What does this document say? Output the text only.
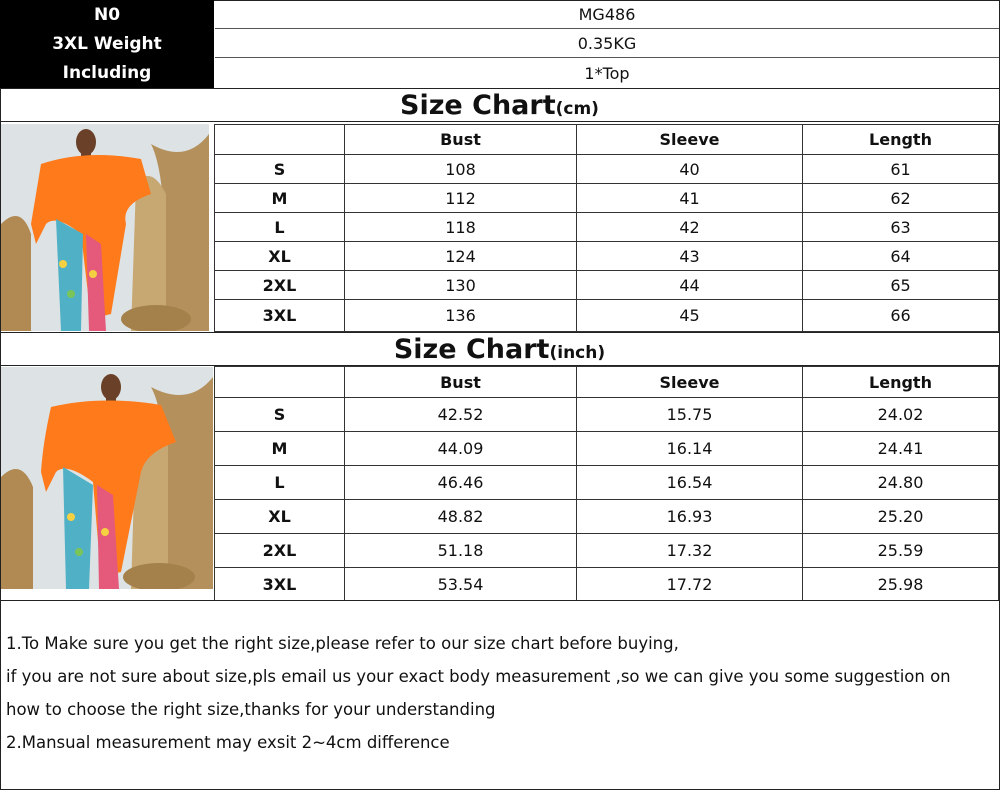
N0	MG486
3XL Weight	0.35KG
Including	1*Top
Size Chart (cm)
	Bust	Sleeve	Length
S	108	40	61
M	112	41	62
L	118	42	63
XL	124	43	64
2XL	130	44	65
3XL	136	45	66
Size Chart (inch)
	Bust	Sleeve	Length
S	42.52	15.75	24.02
M	44.09	16.14	24.41
L	46.46	16.54	24.80
XL	48.82	16.93	25.20
2XL	51.18	17.32	25.59
3XL	53.54	17.72	25.98

1.To Make sure you get the right size,please refer to our size chart before buying,

if you are not sure about size,pls email us your exact body measurement ,so we can give you some suggestion on

how to choose the right size,thanks for your understanding

2.Mansual measurement may exsit 2~4cm difference
